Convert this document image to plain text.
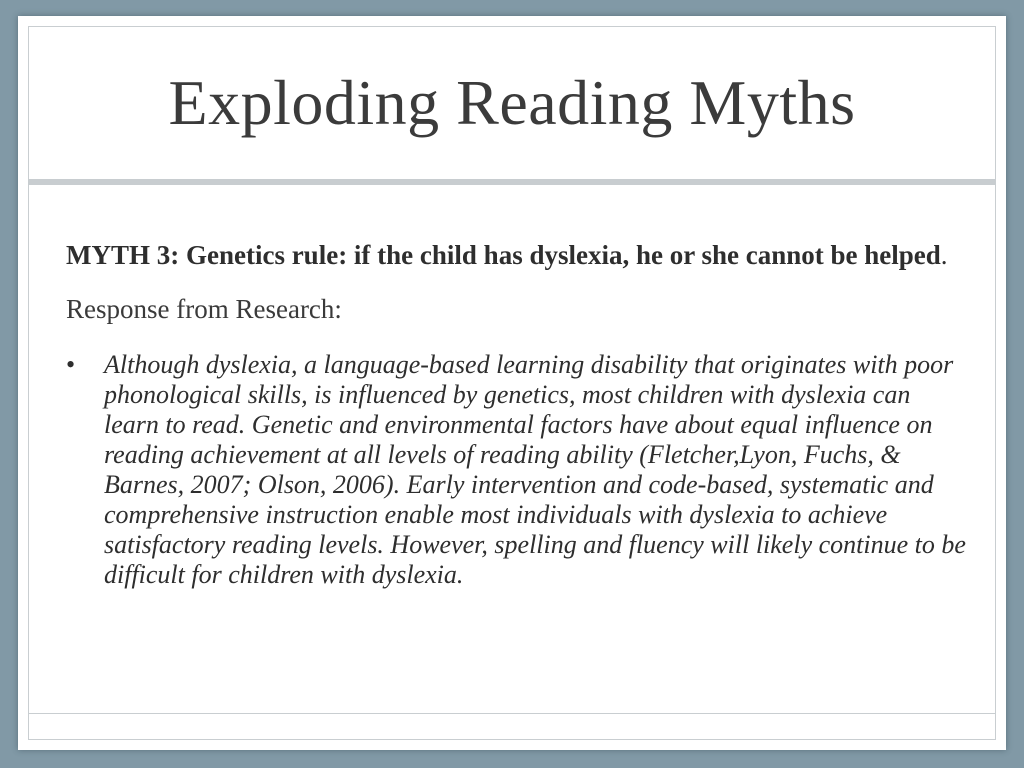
Exploding Reading Myths

MYTH 3: Genetics rule: if the child has dyslexia, he or she cannot be helped.

Response from Research:

• Although dyslexia, a language-based learning disability that originates with poor phonological skills, is influenced by genetics, most children with dyslexia can learn to read. Genetic and environmental factors have about equal influence on reading achievement at all levels of reading ability (Fletcher,Lyon, Fuchs, & Barnes, 2007; Olson, 2006). Early intervention and code-based, systematic and comprehensive instruction enable most individuals with dyslexia to achieve satisfactory reading levels. However, spelling and fluency will likely continue to be difficult for children with dyslexia.
